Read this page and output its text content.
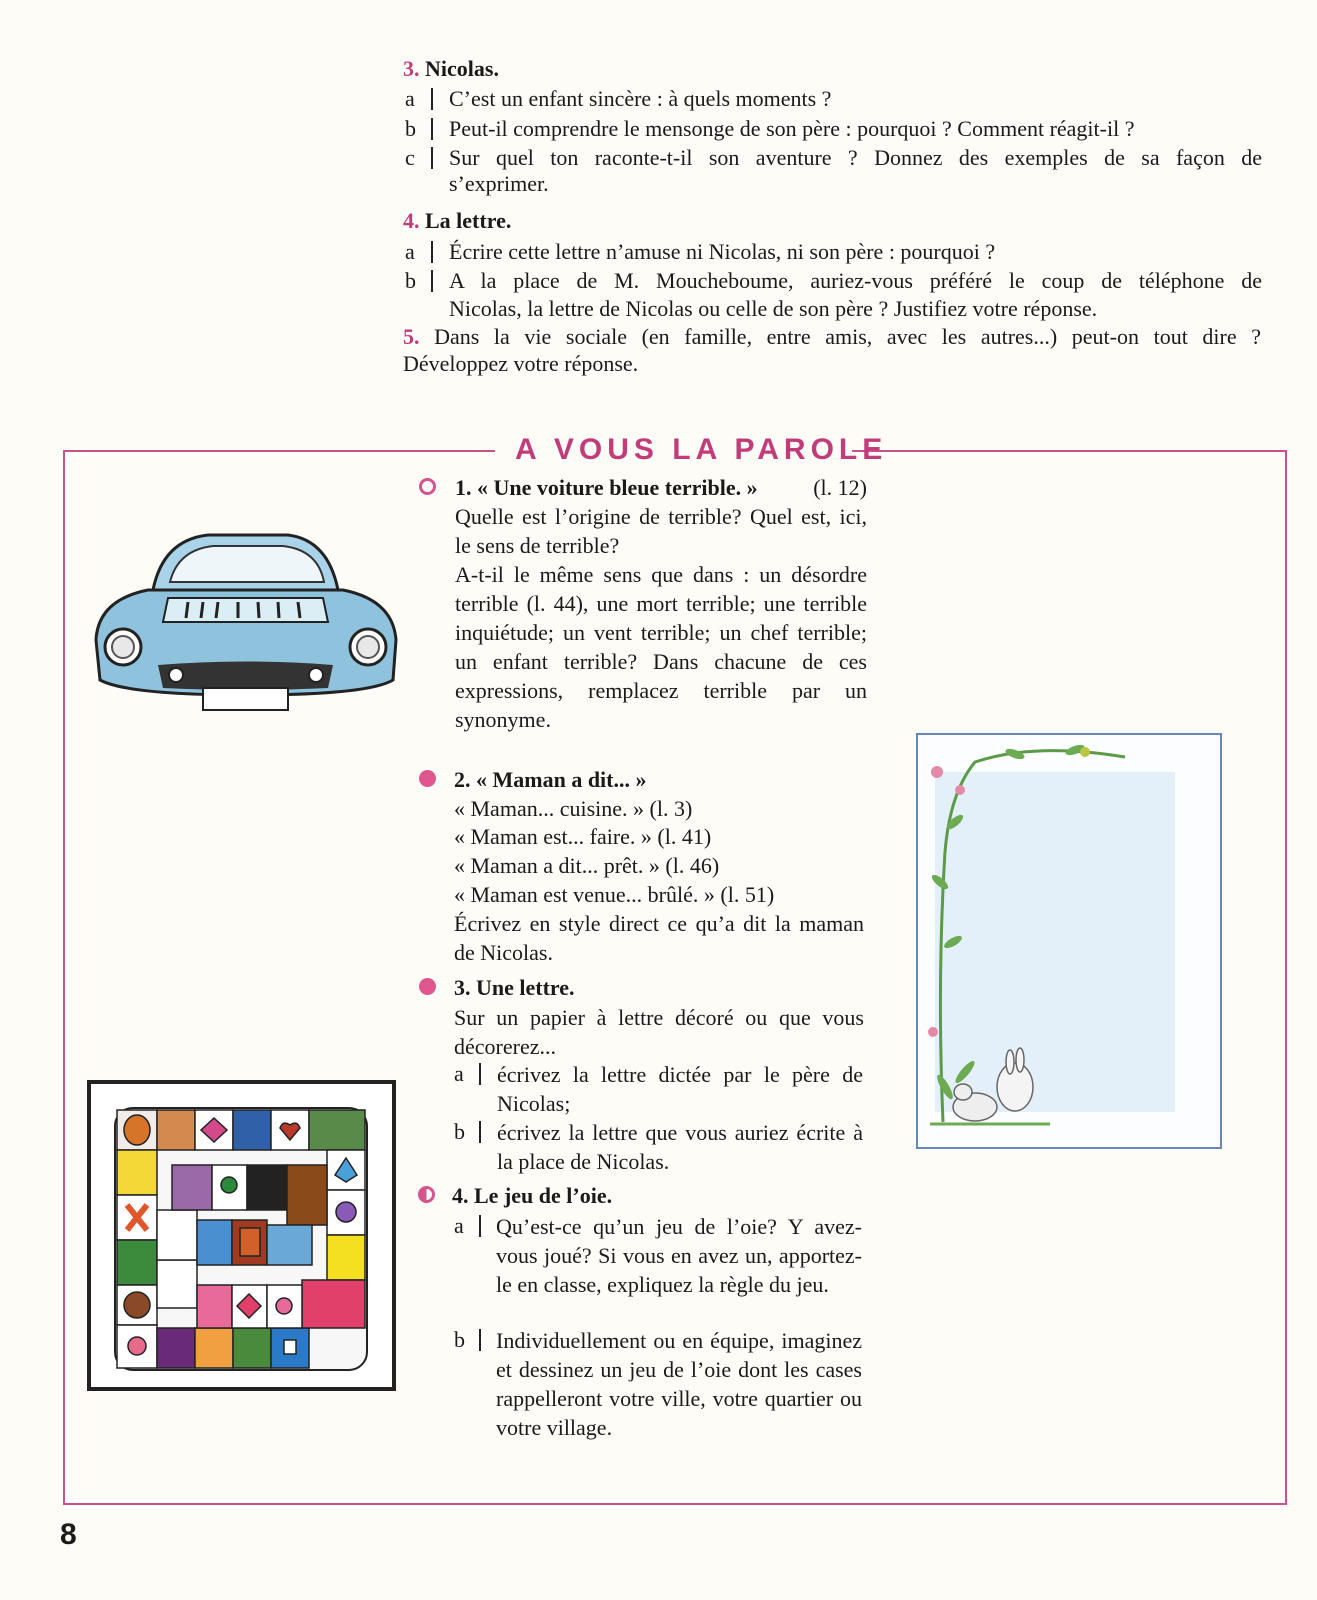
3. Nicolas.
a C’est un enfant sincère : à quels moments ?
b Peut-il comprendre le mensonge de son père : pourquoi ? Comment réagit-il ?
c Sur quel ton raconte-t-il son aventure ? Donnez des exemples de sa façon de
s’exprimer.
4. La lettre.
a Écrire cette lettre n’amuse ni Nicolas, ni son père : pourquoi ?
b A la place de M. Moucheboume, auriez-vous préféré le coup de téléphone de
Nicolas, la lettre de Nicolas ou celle de son père ? Justifiez votre réponse.
5. Dans la vie sociale (en famille, entre amis, avec les autres...) peut-on tout dire ?
Développez votre réponse.
A VOUS LA PAROLE
1. « Une voiture bleue terrible. »	(l. 12)
Quelle est l’origine de terrible? Quel est, ici, le sens de terrible?
A-t-il le même sens que dans : un désordre terrible (l. 44), une mort terrible; une terrible inquiétude; un vent terrible; un chef terrible; un enfant terrible? Dans chacune de ces expressions, remplacez terrible par un synonyme.
2. « Maman a dit... »
« Maman... cuisine. » (l. 3)
« Maman est... faire. » (l. 41)
« Maman a dit... prêt. » (l. 46)
« Maman est venue... brûlé. » (l. 51)
Écrivez en style direct ce qu’a dit la maman de Nicolas.
3. Une lettre.
Sur un papier à lettre décoré ou que vous décorerez...
a écrivez la lettre dictée par le père de Nicolas;
b écrivez la lettre que vous auriez écrite à la place de Nicolas.
4. Le jeu de l’oie.
a Qu’est-ce qu’un jeu de l’oie? Y avez-vous joué? Si vous en avez un, apportez-le en classe, expliquez la règle du jeu.
b Individuellement ou en équipe, imaginez et dessinez un jeu de l’oie dont les cases rappelleront votre ville, votre quartier ou votre village.
8
